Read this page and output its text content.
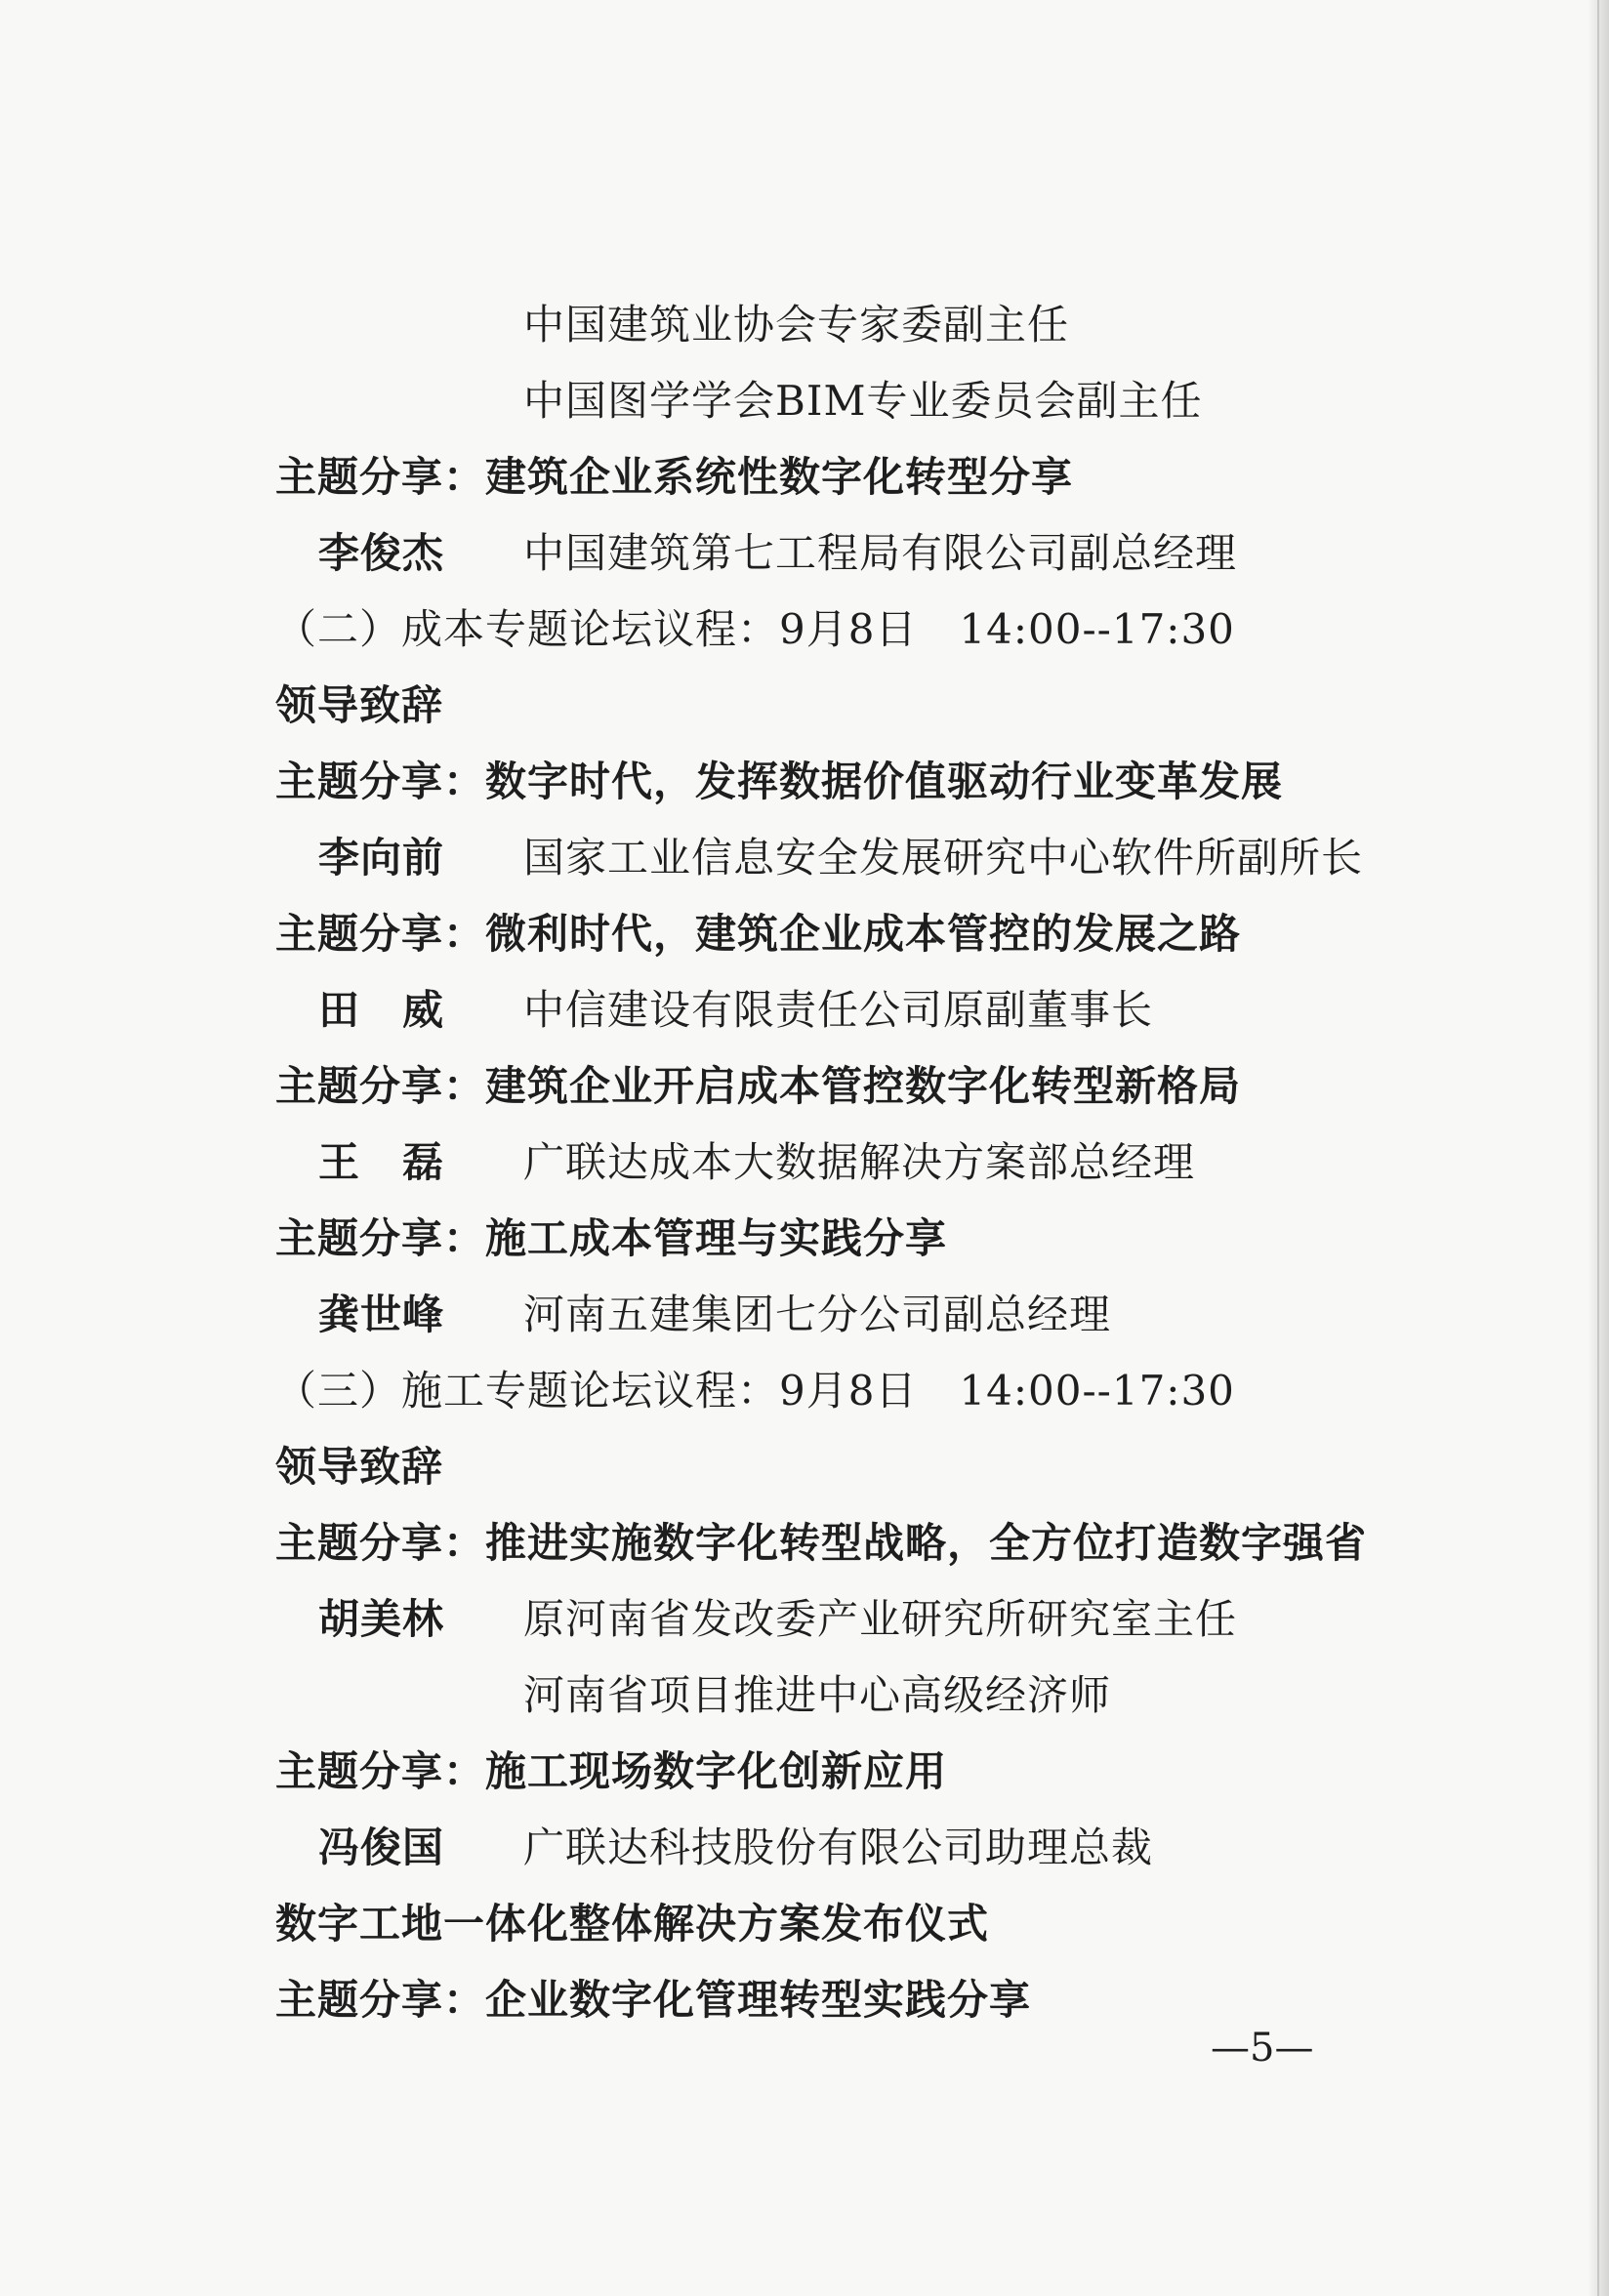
中国建筑业协会专家委副主任
中国图学学会BIM专业委员会副主任
主题分享：建筑企业系统性数字化转型分享
李俊杰 中国建筑第七工程局有限公司副总经理
（二）成本专题论坛议程：9月8日　14:00--17:30
领导致辞
主题分享：数字时代，发挥数据价值驱动行业变革发展
李向前 国家工业信息安全发展研究中心软件所副所长
主题分享：微利时代，建筑企业成本管控的发展之路
田　威 中信建设有限责任公司原副董事长
主题分享：建筑企业开启成本管控数字化转型新格局
王　磊 广联达成本大数据解决方案部总经理
主题分享：施工成本管理与实践分享
龚世峰 河南五建集团七分公司副总经理
（三）施工专题论坛议程：9月8日　14:00--17:30
领导致辞
主题分享：推进实施数字化转型战略，全方位打造数字强省
胡美林 原河南省发改委产业研究所研究室主任
河南省项目推进中心高级经济师
主题分享：施工现场数字化创新应用
冯俊国 广联达科技股份有限公司助理总裁
数字工地一体化整体解决方案发布仪式
主题分享：企业数字化管理转型实践分享
—5—
